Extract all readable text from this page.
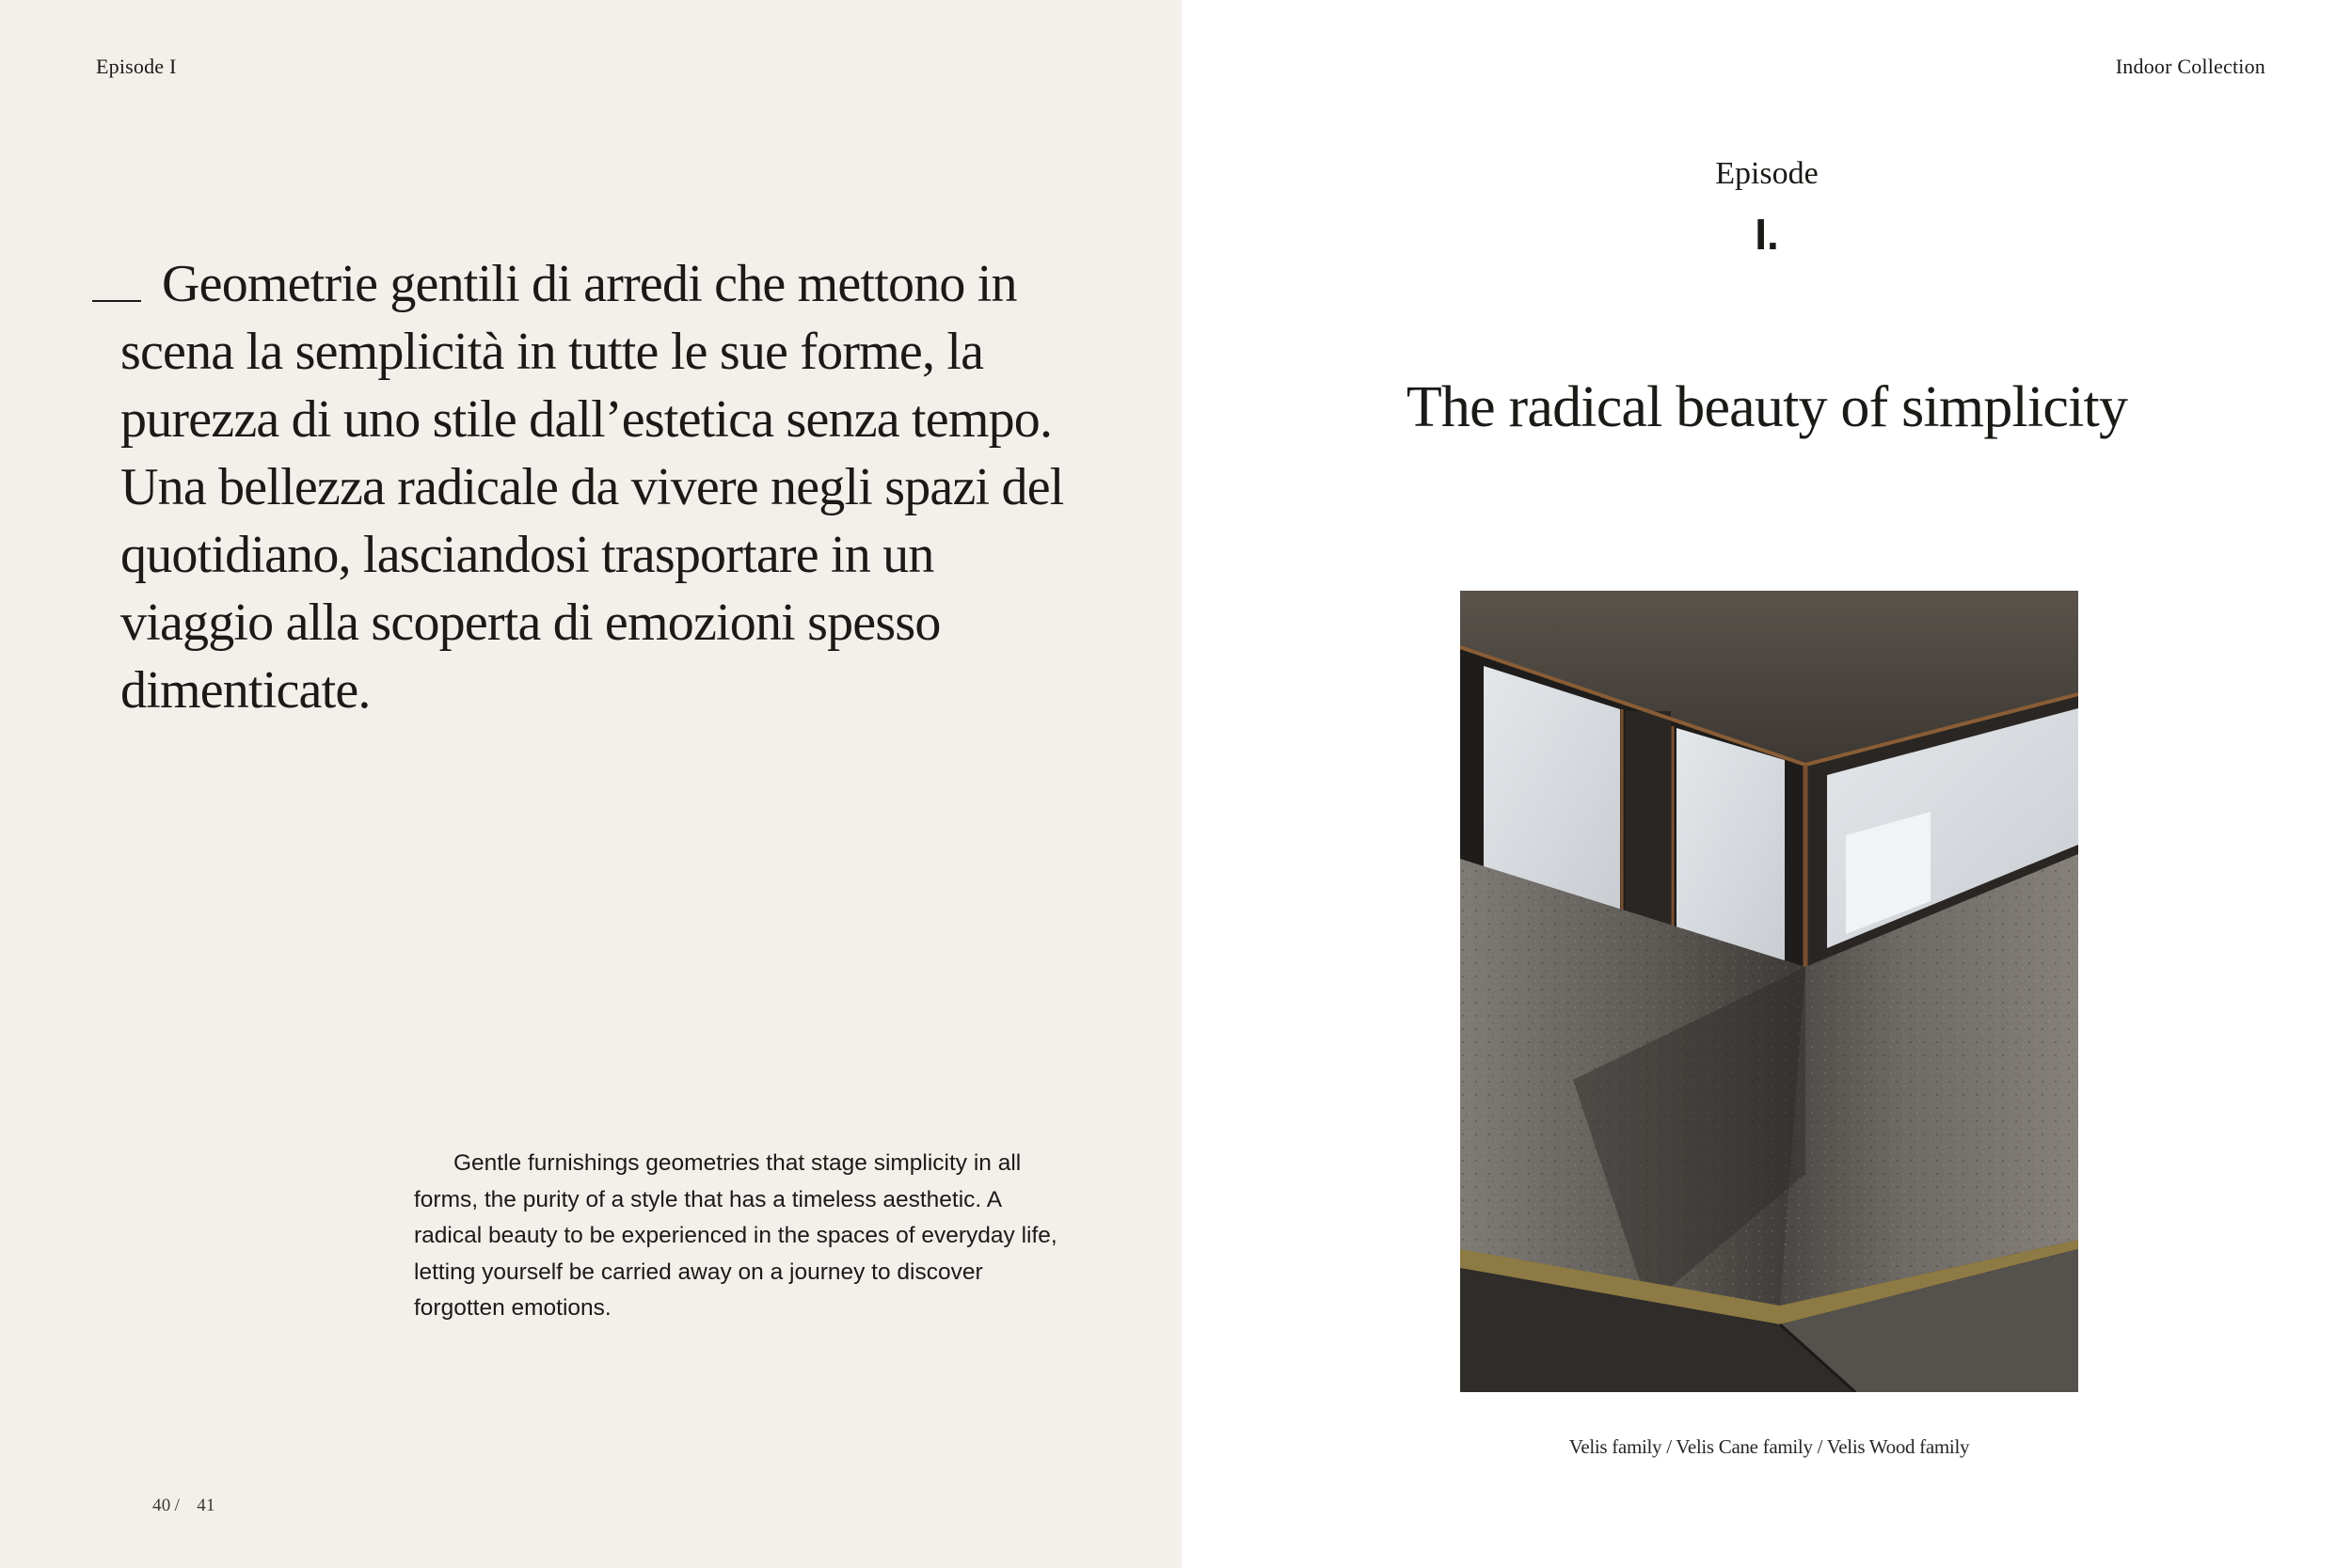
Episode I	Indoor Collection

Geometrie gentili di arredi che mettono in scena la semplicità in tutte le sue forme, la purezza di uno stile dall’estetica senza tempo. Una bellezza radicale da vivere negli spazi del quotidiano, lasciandosi trasportare in un viaggio alla scoperta di emozioni spesso dimenticate.

Gentle furnishings geometries that stage simplicity in all forms, the purity of a style that has a timeless aesthetic. A radical beauty to be experienced in the spaces of everyday life, letting yourself be carried away on a journey to discover forgotten emotions.

40 / 41
Episode
I.
The radical beauty of simplicity
Velis family / Velis Cane family / Velis Wood family
